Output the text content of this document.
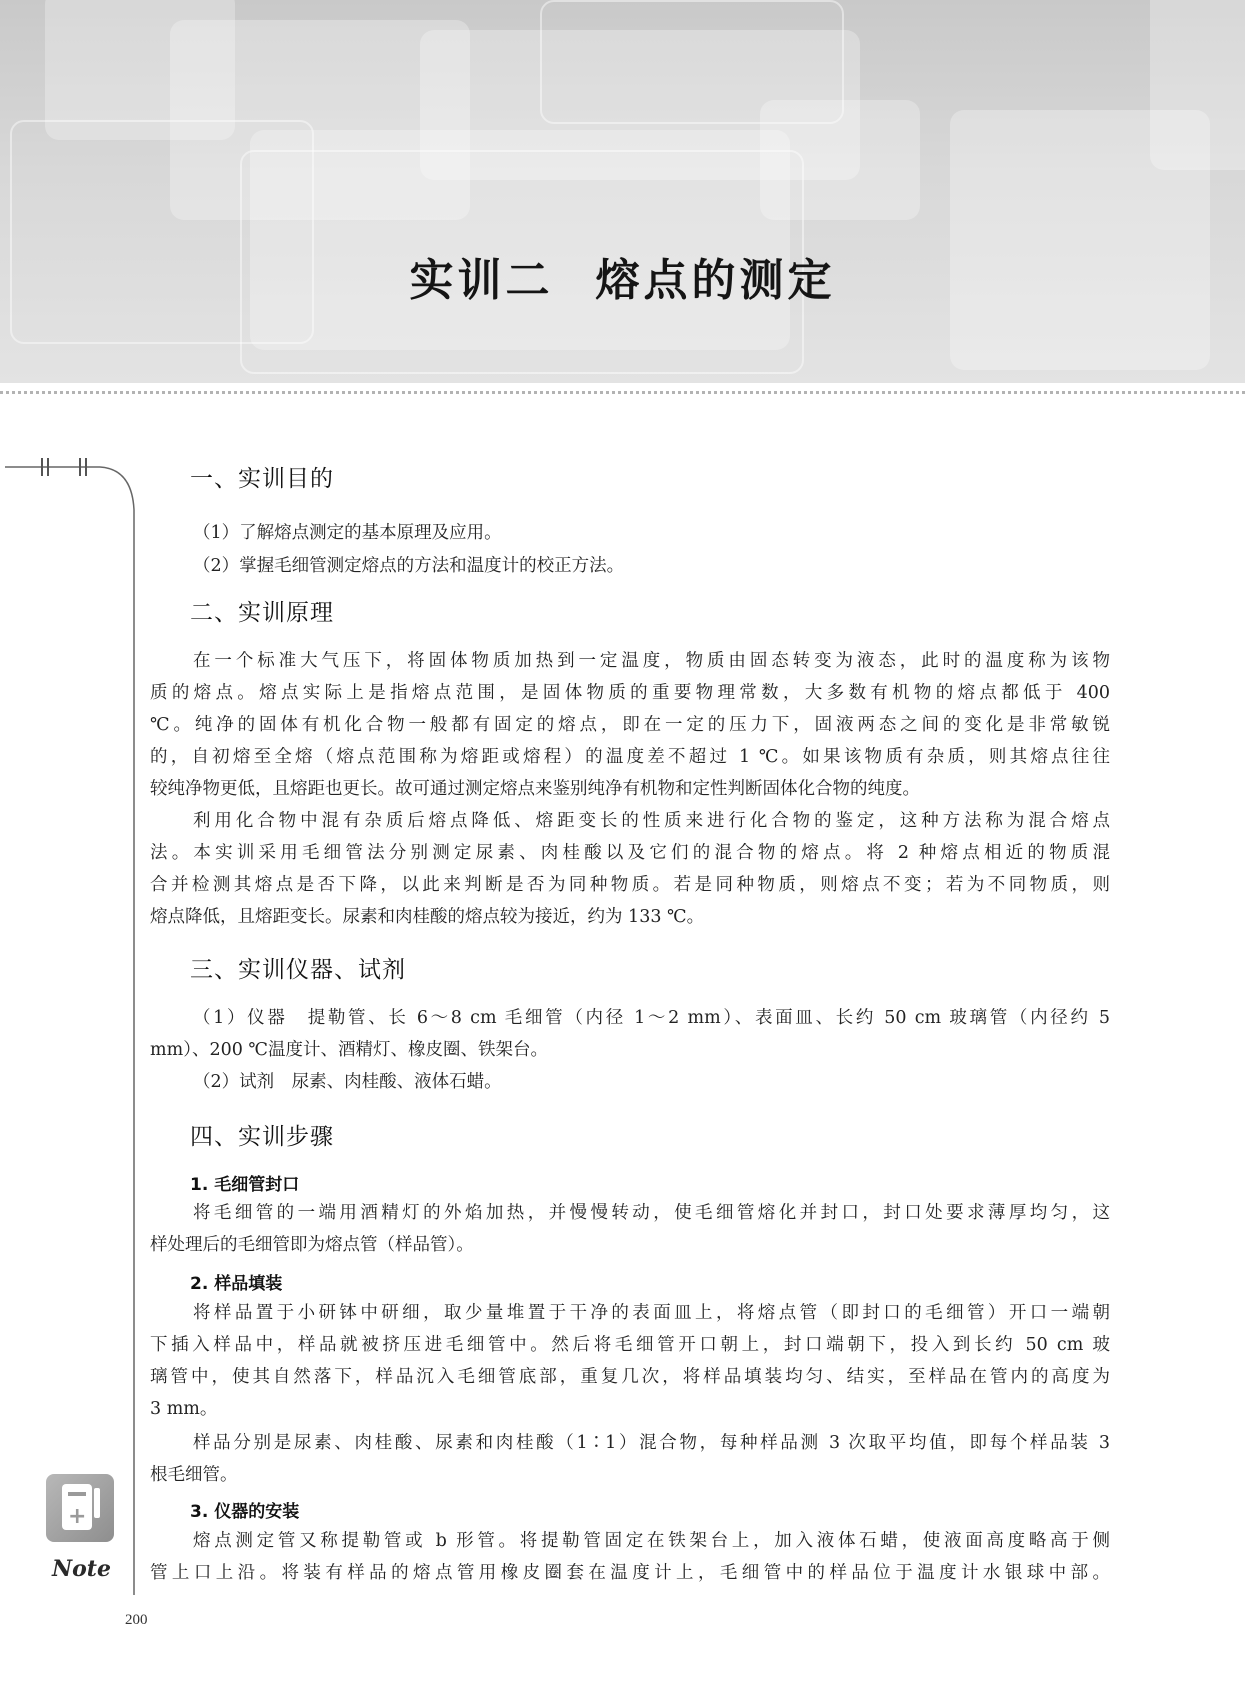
实训二 熔点的测定
+
Note
200
一、实训目的
（1）了解熔点测定的基本原理及应用。
（2）掌握毛细管测定熔点的方法和温度计的校正方法。
二、实训原理
在一个标准大气压下，将固体物质加热到一定温度，物质由固态转变为液态，此时的温度称为该物
质的熔点。熔点实际上是指熔点范围，是固体物质的重要物理常数，大多数有机物的熔点都低于 400
℃。纯净的固体有机化合物一般都有固定的熔点，即在一定的压力下，固液两态之间的变化是非常敏锐
的，自初熔至全熔（熔点范围称为熔距或熔程）的温度差不超过 1 ℃。如果该物质有杂质，则其熔点往往
较纯净物更低，且熔距也更长。故可通过测定熔点来鉴别纯净有机物和定性判断固体化合物的纯度。
利用化合物中混有杂质后熔点降低、熔距变长的性质来进行化合物的鉴定，这种方法称为混合熔点
法。本实训采用毛细管法分别测定尿素、肉桂酸以及它们的混合物的熔点。将 2 种熔点相近的物质混
合并检测其熔点是否下降，以此来判断是否为同种物质。若是同种物质，则熔点不变；若为不同物质，则
熔点降低，且熔距变长。尿素和肉桂酸的熔点较为接近，约为 133 ℃。
三、实训仪器、试剂
（1）仪器　提勒管、长 6～8 cm 毛细管（内径 1～2 mm）、表面皿、长约 50 cm 玻璃管（内径约 5
mm）、200 ℃温度计、酒精灯、橡皮圈、铁架台。
（2）试剂　尿素、肉桂酸、液体石蜡。
四、实训步骤
1. 毛细管封口
将毛细管的一端用酒精灯的外焰加热，并慢慢转动，使毛细管熔化并封口，封口处要求薄厚均匀，这
样处理后的毛细管即为熔点管（样品管）。
2. 样品填装
将样品置于小研钵中研细，取少量堆置于干净的表面皿上，将熔点管（即封口的毛细管）开口一端朝
下插入样品中，样品就被挤压进毛细管中。然后将毛细管开口朝上，封口端朝下，投入到长约 50 cm 玻
璃管中，使其自然落下，样品沉入毛细管底部，重复几次，将样品填装均匀、结实，至样品在管内的高度为
3 mm。
样品分别是尿素、肉桂酸、尿素和肉桂酸（1∶1）混合物，每种样品测 3 次取平均值，即每个样品装 3
根毛细管。
3. 仪器的安装
熔点测定管又称提勒管或 b 形管。将提勒管固定在铁架台上，加入液体石蜡，使液面高度略高于侧
管上口上沿。将装有样品的熔点管用橡皮圈套在温度计上，毛细管中的样品位于温度计水银球中部。
